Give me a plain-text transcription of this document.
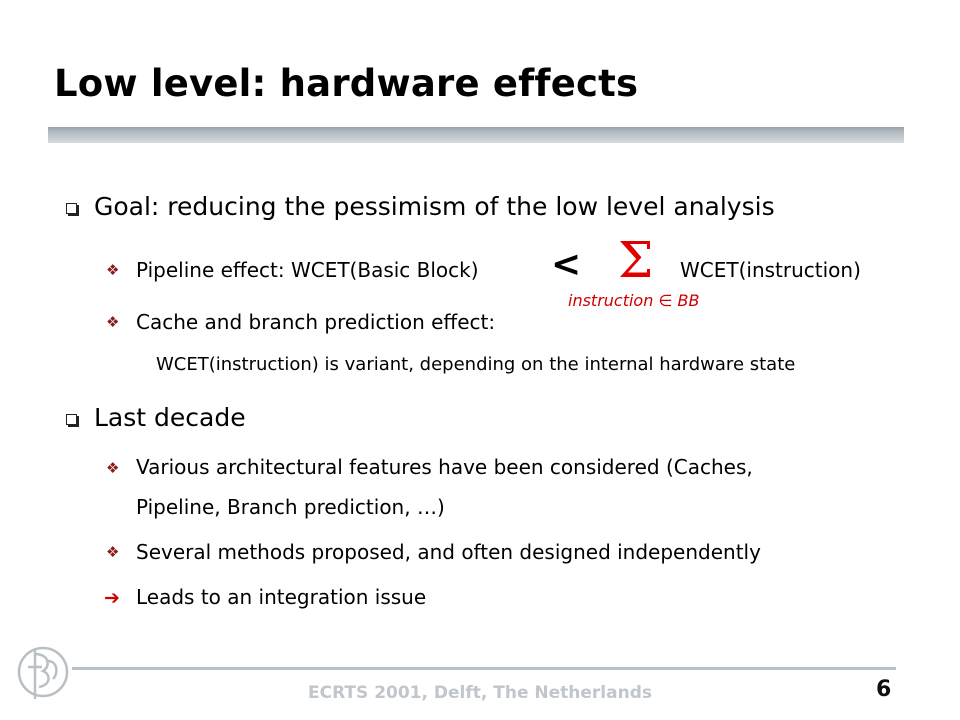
Low level: hardware effects
Goal: reducing the pessimism of the low level analysis
❖ Pipeline effect: WCET(Basic Block) < Σ WCET(instruction)
instruction ∈ BB
❖ Cache and branch prediction effect:
WCET(instruction) is variant, depending on the internal hardware state
Last decade
❖ Various architectural features have been considered (Caches,
Pipeline, Branch prediction, …)
❖ Several methods proposed, and often designed independently
➔ Leads to an integration issue
ECRTS 2001, Delft, The Netherlands	6
